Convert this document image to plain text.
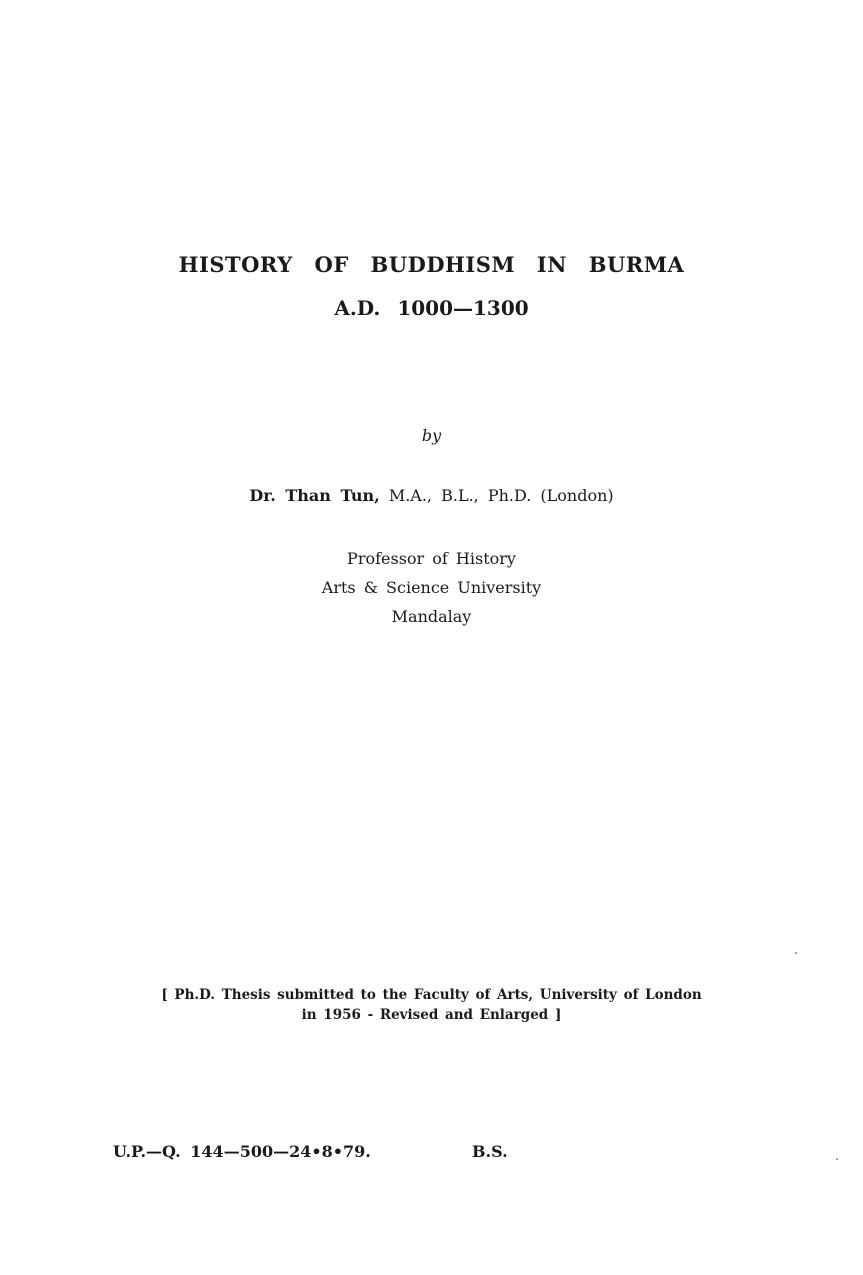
HISTORY OF BUDDHISM IN BURMA
A.D. 1000—1300
by
Dr. Than Tun, M.A., B.L., Ph.D. (London)
Professor of History
Arts & Science University
Mandalay
[ Ph.D. Thesis submitted to the Faculty of Arts, University of London
in 1956 - Revised and Enlarged ]
U.P.—Q. 144—500—24•8•79.	B.S.
